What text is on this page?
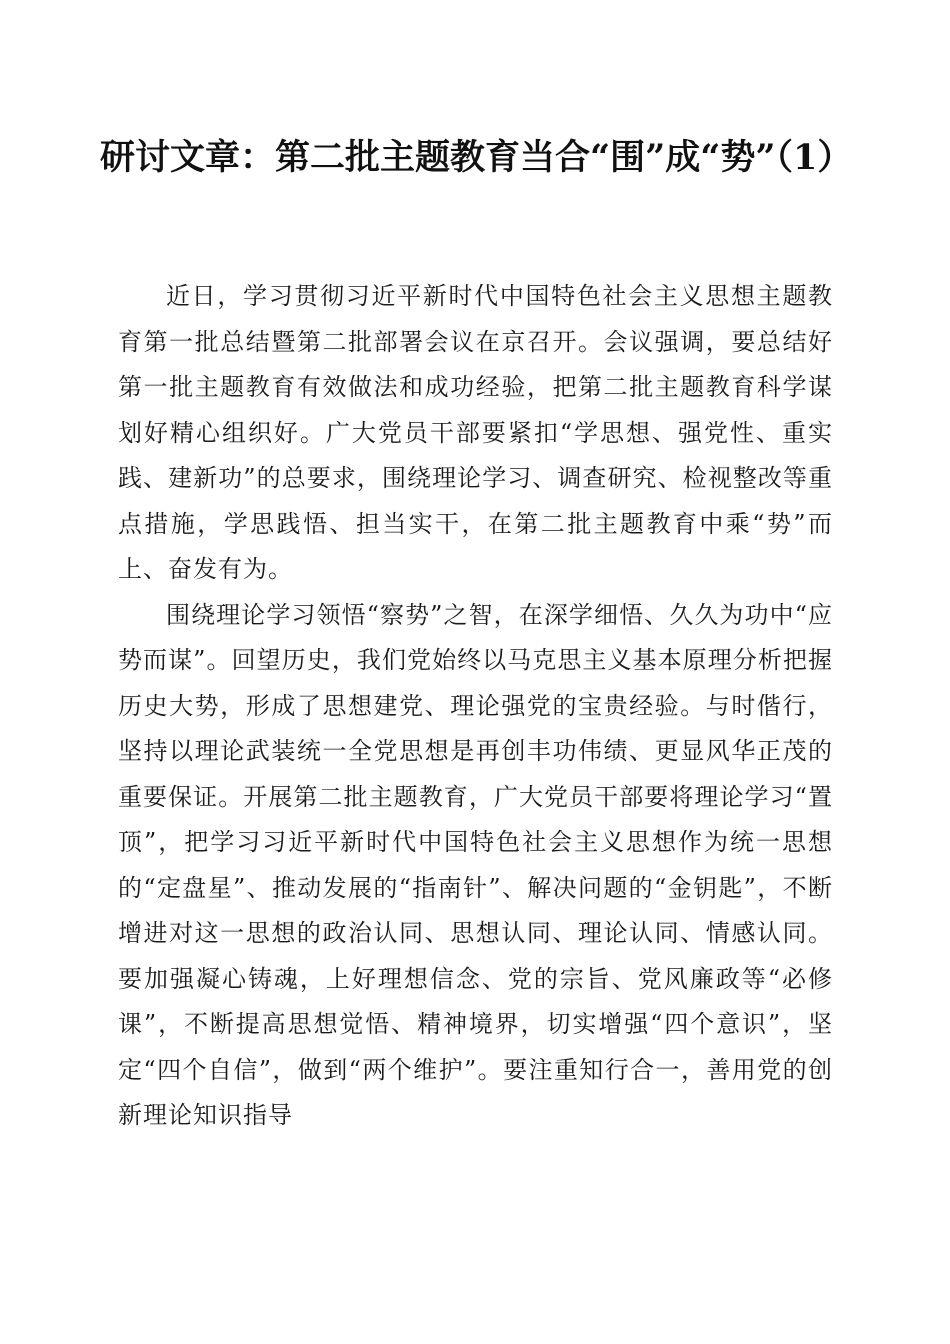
研讨文章：第二批主题教育当合“围”成“势”（1）

近日，学习贯彻习近平新时代中国特色社会主义思想主题教育第一批总结暨第二批部署会议在京召开。会议强调，要总结好第一批主题教育有效做法和成功经验，把第二批主题教育科学谋划好精心组织好。广大党员干部要紧扣“学思想、强党性、重实践、建新功”的总要求，围绕理论学习、调查研究、检视整改等重点措施，学思践悟、担当实干，在第二批主题教育中乘“势”而上、奋发有为。

围绕理论学习领悟“察势”之智，在深学细悟、久久为功中“应势而谋”。回望历史，我们党始终以马克思主义基本原理分析把握历史大势，形成了思想建党、理论强党的宝贵经验。与时偕行，坚持以理论武装统一全党思想是再创丰功伟绩、更显风华正茂的重要保证。开展第二批主题教育，广大党员干部要将理论学习“置顶”，把学习习近平新时代中国特色社会主义思想作为统一思想的“定盘星”、推动发展的“指南针”、解决问题的“金钥匙”，不断增进对这一思想的政治认同、思想认同、理论认同、情感认同。要加强凝心铸魂，上好理想信念、党的宗旨、党风廉政等“必修课”，不断提高思想觉悟、精神境界，切实增强“四个意识”，坚定“四个自信”，做到“两个维护”。要注重知行合一，善用党的创新理论知识指导
